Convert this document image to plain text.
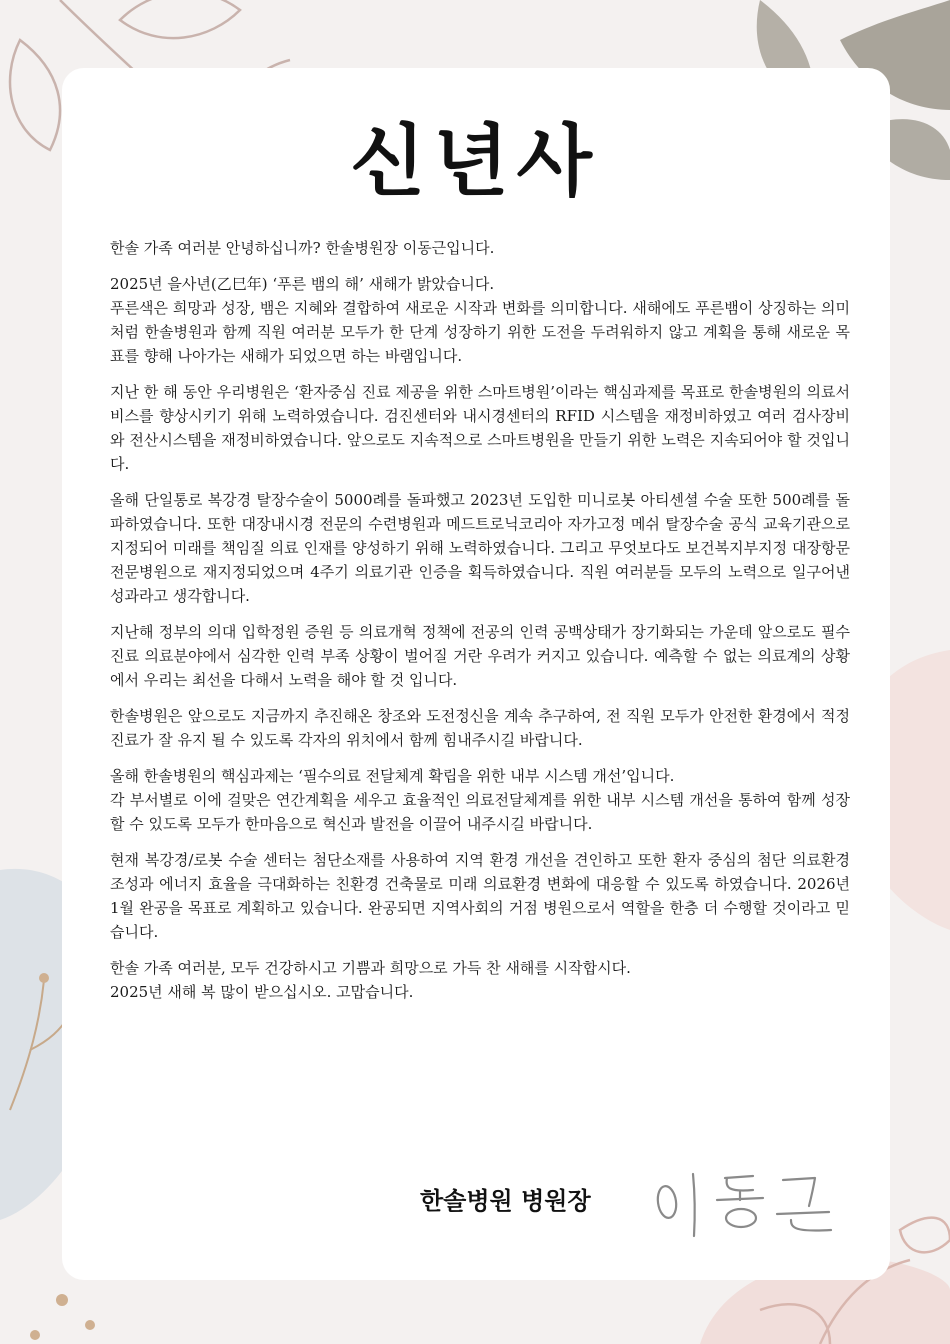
신년사

한솔 가족 여러분 안녕하십니까? 한솔병원장 이동근입니다.

2025년 을사년(乙巳年) ‘푸른 뱀의 해’ 새해가 밝았습니다.
푸른색은 희망과 성장, 뱀은 지혜와 결합하여 새로운 시작과 변화를 의미합니다. 새해에도 푸른뱀이 상징하는 의미처럼 한솔병원과 함께 직원 여러분 모두가 한 단계 성장하기 위한 도전을 두려워하지 않고 계획을 통해 새로운 목표를 향해 나아가는 새해가 되었으면 하는 바램입니다.

지난 한 해 동안 우리병원은 ‘환자중심 진료 제공을 위한 스마트병원’이라는 핵심과제를 목표로 한솔병원의 의료서비스를 향상시키기 위해 노력하였습니다. 검진센터와 내시경센터의 RFID 시스템을 재정비하였고 여러 검사장비와 전산시스템을 재정비하였습니다. 앞으로도 지속적으로 스마트병원을 만들기 위한 노력은 지속되어야 할 것입니다.

올해 단일통로 복강경 탈장수술이 5000례를 돌파했고 2023년 도입한 미니로봇 아티센셜 수술 또한 500례를 돌파하였습니다. 또한 대장내시경 전문의 수련병원과 메드트로닉코리아 자가고정 메쉬 탈장수술 공식 교육기관으로 지정되어 미래를 책임질 의료 인재를 양성하기 위해 노력하였습니다. 그리고 무엇보다도 보건복지부지정 대장항문 전문병원으로 재지정되었으며 4주기 의료기관 인증을 획득하였습니다. 직원 여러분들 모두의 노력으로 일구어낸 성과라고 생각합니다.

지난해 정부의 의대 입학정원 증원 등 의료개혁 정책에 전공의 인력 공백상태가 장기화되는 가운데 앞으로도 필수 진료 의료분야에서 심각한 인력 부족 상황이 벌어질 거란 우려가 커지고 있습니다. 예측할 수 없는 의료계의 상황에서 우리는 최선을 다해서 노력을 해야 할 것 입니다.

한솔병원은 앞으로도 지금까지 추진해온 창조와 도전정신을 계속 추구하여, 전 직원 모두가 안전한 환경에서 적정 진료가 잘 유지 될 수 있도록 각자의 위치에서 함께 힘내주시길 바랍니다.

올해 한솔병원의 핵심과제는 ‘필수의료 전달체계 확립을 위한 내부 시스템 개선’입니다.
각 부서별로 이에 걸맞은 연간계획을 세우고 효율적인 의료전달체계를 위한 내부 시스템 개선을 통하여 함께 성장할 수 있도록 모두가 한마음으로 혁신과 발전을 이끌어 내주시길 바랍니다.

현재 복강경/로봇 수술 센터는 첨단소재를 사용하여 지역 환경 개선을 견인하고 또한 환자 중심의 첨단 의료환경 조성과 에너지 효율을 극대화하는 친환경 건축물로 미래 의료환경 변화에 대응할 수 있도록 하였습니다. 2026년 1월 완공을 목표로 계획하고 있습니다. 완공되면 지역사회의 거점 병원으로서 역할을 한층 더 수행할 것이라고 믿습니다.

한솔 가족 여러분, 모두 건강하시고 기쁨과 희망으로 가득 찬 새해를 시작합시다.
2025년 새해 복 많이 받으십시오. 고맙습니다.

한솔병원 병원장
